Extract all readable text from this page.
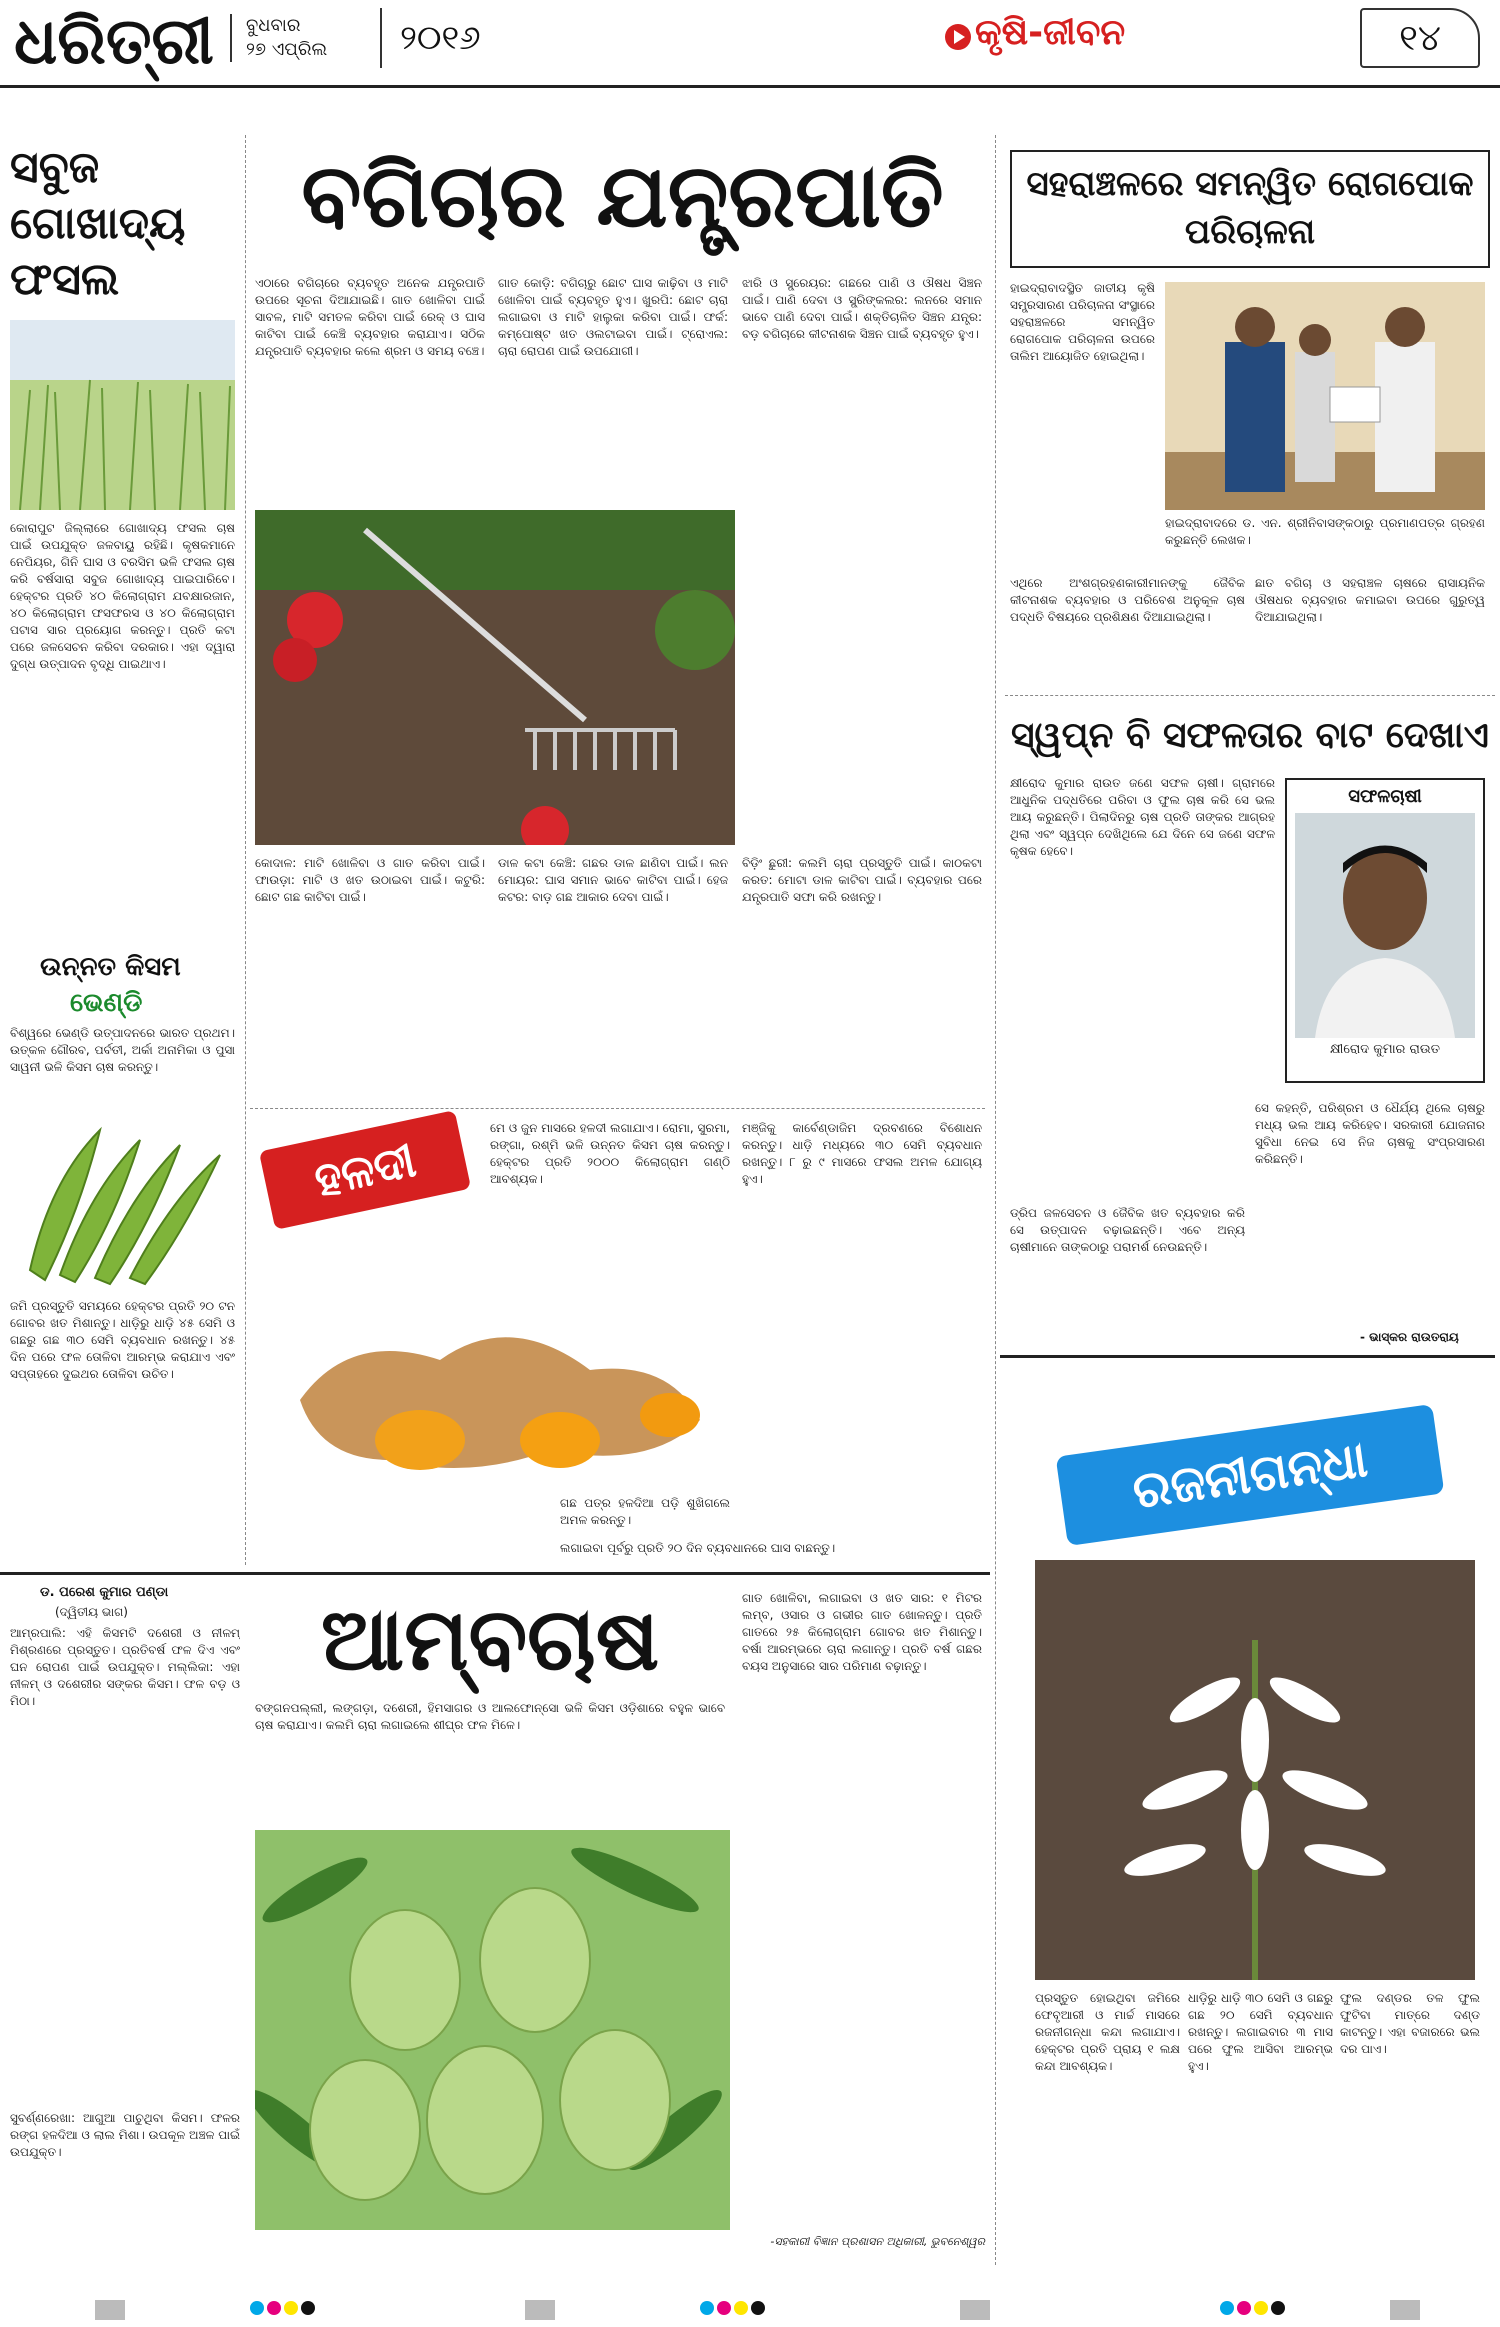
ଧରିତ୍ରୀ ବୁଧବାର
୨୭ ଏପ୍ରିଲ	୨୦୧୬	କୃଷି-ଜୀବନ	୧୪
ସବୁଜ ଗୋଖାଦ୍ୟ ଫସଲ
କୋରାପୁଟ ଜିଲ୍ଲାରେ ଗୋଖାଦ୍ୟ ଫସଲ ଚାଷ ପାଇଁ ଉପଯୁକ୍ତ ଜଳବାୟୁ ରହିଛି। କୃଷକମାନେ ନେପିୟର, ଗିନି ଘାସ ଓ ବରସିମ ଭଳି ଫସଲ ଚାଷ କରି ବର୍ଷସାରା ସବୁଜ ଗୋଖାଦ୍ୟ ପାଇପାରିବେ। ହେକ୍ଟର ପ୍ରତି ୪୦ କିଲୋଗ୍ରାମ ଯବକ୍ଷାରଜାନ, ୪୦ କିଲୋଗ୍ରାମ ଫସଫରସ ଓ ୪୦ କିଲୋଗ୍ରାମ ପଟାସ ସାର ପ୍ରୟୋଗ କରନ୍ତୁ। ପ୍ରତି କଟା ପରେ ଜଳସେଚନ କରିବା ଦରକାର। ଏହା ଦ୍ୱାରା ଦୁଗ୍ଧ ଉତ୍ପାଦନ ବୃଦ୍ଧି ପାଇଥାଏ।
ଉନ୍ନତ କିସମ
ଭେଣ୍ଡି
ବିଶ୍ୱରେ ଭେଣ୍ଡି ଉତ୍ପାଦନରେ ଭାରତ ପ୍ରଥମ। ଉତ୍କଳ ଗୌରବ, ପର୍ବତୀ, ଅର୍କା ଅନାମିକା ଓ ପୁସା ସାୱନୀ ଭଳି କିସମ ଚାଷ କରନ୍ତୁ।
ଜମି ପ୍ରସ୍ତୁତି ସମୟରେ ହେକ୍ଟର ପ୍ରତି ୨୦ ଟନ ଗୋବର ଖତ ମିଶାନ୍ତୁ। ଧାଡ଼ିରୁ ଧାଡ଼ି ୪୫ ସେମି ଓ ଗଛରୁ ଗଛ ୩୦ ସେମି ବ୍ୟବଧାନ ରଖନ୍ତୁ। ୪୫ ଦିନ ପରେ ଫଳ ତୋଳିବା ଆରମ୍ଭ କରାଯାଏ ଏବଂ ସପ୍ତାହରେ ଦୁଇଥର ତୋଳିବା ଉଚିତ।
ବଗିଚାର ଯନ୍ତ୍ରପାତି
ଏଠାରେ ବଗିଚାରେ ବ୍ୟବହୃତ ଅନେକ ଯନ୍ତ୍ରପାତି ଉପରେ ସୂଚନା ଦିଆଯାଇଛି। ଗାତ ଖୋଳିବା ପାଇଁ ସାବଳ, ମାଟି ସମତଳ କରିବା ପାଇଁ ରେକ୍ ଓ ଘାସ କାଟିବା ପାଇଁ କେଞ୍ଚି ବ୍ୟବହାର କରାଯାଏ। ସଠିକ ଯନ୍ତ୍ରପାତି ବ୍ୟବହାର କଲେ ଶ୍ରମ ଓ ସମୟ ବଞ୍ଚେ।
ଗାତ କୋଡ଼ି: ବଗିଚାରୁ ଛୋଟ ଘାସ କାଢ଼ିବା ଓ ମାଟି ଖୋଳିବା ପାଇଁ ବ୍ୟବହୃତ ହୁଏ। ଖୁରପି: ଛୋଟ ଚାରା ଲଗାଇବା ଓ ମାଟି ହାଲୁକା କରିବା ପାଇଁ। ଫର୍କ: କମ୍ପୋଷ୍ଟ ଖତ ଓଲଟାଇବା ପାଇଁ। ଟ୍ରୋଏଲ: ଚାରା ରୋପଣ ପାଇଁ ଉପଯୋଗୀ।
ଝାରି ଓ ସ୍ପ୍ରେୟର: ଗଛରେ ପାଣି ଓ ଔଷଧ ସିଞ୍ଚନ ପାଇଁ। ପାଣି ଦେବା ଓ ସ୍ପ୍ରିଙ୍କଲର: ଲନରେ ସମାନ ଭାବେ ପାଣି ଦେବା ପାଇଁ। ଶକ୍ତିଚାଳିତ ସିଞ୍ଚନ ଯନ୍ତ୍ର: ବଡ଼ ବଗିଚାରେ କୀଟନାଶକ ସିଞ୍ଚନ ପାଇଁ ବ୍ୟବହୃତ ହୁଏ।
କୋଦାଳ: ମାଟି ଖୋଳିବା ଓ ଗାତ କରିବା ପାଇଁ। ଫାଉଡ଼ା: ମାଟି ଓ ଖତ ଉଠାଇବା ପାଇଁ। କଟୁରି: ଛୋଟ ଗଛ କାଟିବା ପାଇଁ।
ଡାଳ କଟା କେଞ୍ଚି: ଗଛର ଡାଳ ଛାଣିବା ପାଇଁ। ଲନ ମୋୟର: ଘାସ ସମାନ ଭାବେ କାଟିବା ପାଇଁ। ହେଜ କଟର: ବାଡ଼ ଗଛ ଆକାର ଦେବା ପାଇଁ।
ବିଡ଼ିଂ ଛୁରୀ: କଲମି ଚାରା ପ୍ରସ୍ତୁତି ପାଇଁ। କାଠକଟା କରତ: ମୋଟା ଡାଳ କାଟିବା ପାଇଁ। ବ୍ୟବହାର ପରେ ଯନ୍ତ୍ରପାତି ସଫା କରି ରଖନ୍ତୁ।
ହଳଦୀ
ମେ ଓ ଜୁନ ମାସରେ ହଳଦୀ ଲଗାଯାଏ। ରୋମା, ସୁରମା, ରଙ୍ଗା, ରଶ୍ମି ଭଳି ଉନ୍ନତ କିସମ ଚାଷ କରନ୍ତୁ। ହେକ୍ଟର ପ୍ରତି ୨୦୦୦ କିଲୋଗ୍ରାମ ଗଣ୍ଠି ଆବଶ୍ୟକ।
ମଞ୍ଜିକୁ କାର୍ବେଣ୍ଡାଜିମ ଦ୍ରବଣରେ ବିଶୋଧନ କରନ୍ତୁ। ଧାଡ଼ି ମଧ୍ୟରେ ୩୦ ସେମି ବ୍ୟବଧାନ ରଖନ୍ତୁ। ୮ ରୁ ୯ ମାସରେ ଫସଲ ଅମଳ ଯୋଗ୍ୟ ହୁଏ।
ଗଛ ପତ୍ର ହଳଦିଆ ପଡ଼ି ଶୁଖିଗଲେ ଅମଳ କରନ୍ତୁ।
ଲଗାଇବା ପୂର୍ବରୁ ପ୍ରତି ୨୦ ଦିନ ବ୍ୟବଧାନରେ ଘାସ ବାଛନ୍ତୁ।
ସହରାଞ୍ଚଳରେ ସମନ୍ୱିତ ରୋଗପୋକ ପରିଚାଳନା
ହାଇଦ୍ରାବାଦସ୍ଥିତ ଜାତୀୟ କୃଷି ସମ୍ପ୍ରସାରଣ ପରିଚାଳନା ସଂସ୍ଥାରେ ସହରାଞ୍ଚଳରେ ସମନ୍ୱିତ ରୋଗପୋକ ପରିଚାଳନା ଉପରେ ତାଲିମ ଆୟୋଜିତ ହୋଇଥିଲା।
ହାଇଦ୍ରାବାଦରେ ଡ. ଏନ. ଶ୍ରୀନିବାସଙ୍କଠାରୁ ପ୍ରମାଣପତ୍ର ଗ୍ରହଣ କରୁଛନ୍ତି ଲେଖକ।
ଏଥିରେ ଅଂଶଗ୍ରହଣକାରୀମାନଙ୍କୁ ଜୈବିକ କୀଟନାଶକ ବ୍ୟବହାର ଓ ପରିବେଶ ଅନୁକୂଳ ଚାଷ ପଦ୍ଧତି ବିଷୟରେ ପ୍ରଶିକ୍ଷଣ ଦିଆଯାଇଥିଲା।
ଛାତ ବଗିଚା ଓ ସହରାଞ୍ଚଳ ଚାଷରେ ରାସାୟନିକ ଔଷଧର ବ୍ୟବହାର କମାଇବା ଉପରେ ଗୁରୁତ୍ୱ ଦିଆଯାଇଥିଲା।
ସ୍ୱପ୍ନ ବି ସଫଳତାର ବାଟ ଦେଖାଏ
କ୍ଷୀରୋଦ କୁମାର ରାଉତ ଜଣେ ସଫଳ ଚାଷୀ। ଗ୍ରାମରେ ଆଧୁନିକ ପଦ୍ଧତିରେ ପରିବା ଓ ଫୁଲ ଚାଷ କରି ସେ ଭଲ ଆୟ କରୁଛନ୍ତି। ପିଲାଦିନରୁ ଚାଷ ପ୍ରତି ତାଙ୍କର ଆଗ୍ରହ ଥିଲା ଏବଂ ସ୍ୱପ୍ନ ଦେଖିଥିଲେ ଯେ ଦିନେ ସେ ଜଣେ ସଫଳ କୃଷକ ହେବେ।
ସଫଳଚାଷୀ
କ୍ଷୀରୋଦ କୁମାର ରାଉତ
ଡ୍ରିପ ଜଳସେଚନ ଓ ଜୈବିକ ଖତ ବ୍ୟବହାର କରି ସେ ଉତ୍ପାଦନ ବଢ଼ାଇଛନ୍ତି। ଏବେ ଅନ୍ୟ ଚାଷୀମାନେ ତାଙ୍କଠାରୁ ପରାମର୍ଶ ନେଉଛନ୍ତି।
ସେ କହନ୍ତି, ପରିଶ୍ରମ ଓ ଧୈର୍ଯ୍ୟ ଥିଲେ ଚାଷରୁ ମଧ୍ୟ ଭଲ ଆୟ କରିହେବ। ସରକାରୀ ଯୋଜନାର ସୁବିଧା ନେଇ ସେ ନିଜ ଚାଷକୁ ସଂପ୍ରସାରଣ କରିଛନ୍ତି।
- ଭାସ୍କର ରାଉତରାୟ
ରଜନୀଗନ୍ଧା
ପ୍ରସ୍ତୁତ ହୋଇଥିବା ଜମିରେ ଫେବୃଆରୀ ଓ ମାର୍ଚ୍ଚ ମାସରେ ରଜନୀଗନ୍ଧା କନ୍ଦା ଲଗାଯାଏ। ହେକ୍ଟର ପ୍ରତି ପ୍ରାୟ ୧ ଲକ୍ଷ କନ୍ଦା ଆବଶ୍ୟକ।
ଧାଡ଼ିରୁ ଧାଡ଼ି ୩୦ ସେମି ଓ ଗଛରୁ ଗଛ ୨୦ ସେମି ବ୍ୟବଧାନ ରଖନ୍ତୁ। ଲଗାଇବାର ୩ ମାସ ପରେ ଫୁଲ ଆସିବା ଆରମ୍ଭ ହୁଏ।
ଫୁଲ ଦଣ୍ଡର ତଳ ଫୁଲ ଫୁଟିବା ମାତ୍ରେ ଦଣ୍ଡ କାଟନ୍ତୁ। ଏହା ବଜାରରେ ଭଲ ଦର ପାଏ।
ଡ. ପରେଶ କୁମାର ପଣ୍ଡା
(ଦ୍ୱିତୀୟ ଭାଗ)
ଆମ୍ରପାଲି: ଏହି କିସମଟି ଦଶେରୀ ଓ ନୀଳମ୍ ମିଶ୍ରଣରେ ପ୍ରସ୍ତୁତ। ପ୍ରତିବର୍ଷ ଫଳ ଦିଏ ଏବଂ ଘନ ରୋପଣ ପାଇଁ ଉପଯୁକ୍ତ। ମଲ୍ଲିକା: ଏହା ନୀଳମ୍ ଓ ଦଶେରୀର ସଙ୍କର କିସମ। ଫଳ ବଡ଼ ଓ ମିଠା।
ସୁବର୍ଣ୍ଣରେଖା: ଆଗୁଆ ପାଚୁଥିବା କିସମ। ଫଳର ରଙ୍ଗ ହଳଦିଆ ଓ ଲାଲ ମିଶା। ଉପକୂଳ ଅଞ୍ଚଳ ପାଇଁ ଉପଯୁକ୍ତ।
ଆମ୍ବଚାଷ
ବଙ୍ଗନପଲ୍ଲୀ, ଲଙ୍ଗଡ଼ା, ଦଶେରୀ, ହିମସାଗର ଓ ଆଲଫୋନ୍ସୋ ଭଳି କିସମ ଓଡ଼ିଶାରେ ବହୁଳ ଭାବେ ଚାଷ କରାଯାଏ। କଲମି ଚାରା ଲଗାଇଲେ ଶୀଘ୍ର ଫଳ ମିଳେ।
ଗାତ ଖୋଳିବା, ଲଗାଇବା ଓ ଖତ ସାର: ୧ ମିଟର ଲମ୍ବ, ଓସାର ଓ ଗଭୀର ଗାତ ଖୋଳନ୍ତୁ। ପ୍ରତି ଗାତରେ ୨୫ କିଲୋଗ୍ରାମ ଗୋବର ଖତ ମିଶାନ୍ତୁ। ବର୍ଷା ଆରମ୍ଭରେ ଚାରା ଲଗାନ୍ତୁ। ପ୍ରତି ବର୍ଷ ଗଛର ବୟସ ଅନୁସାରେ ସାର ପରିମାଣ ବଢ଼ାନ୍ତୁ।
-ସହକାରୀ ବିଜ୍ଞାନ ପ୍ରଶାସନ ଅଧିକାରୀ, ଭୁବନେଶ୍ୱର
